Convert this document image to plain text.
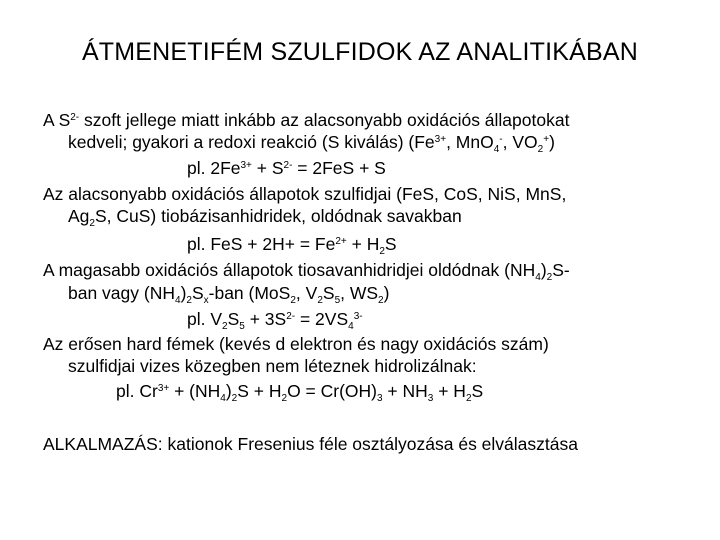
ÁTMENETIFÉM SZULFIDOK AZ ANALITIKÁBAN
A $S^{2-}$ szoft jellege miatt inkább az alacsonyabb oxidációs állapotokat
kedveli; gyakori a redoxi reakció (S kiválás) ($Fe^{3+}$, MnO$_4$-, $VO_2^+$)
pl. $2Fe^{3+} + S^{2-} = 2FeS + S$
Az alacsonyabb oxidációs állapotok szulfidjai (FeS, CoS, NiS, MnS,
$Ag_2S$, CuS) tiobázisanhidridek, oldódnak savakban
pl. FeS + $2H+ = Fe^{2+} + H_2S$
A magasabb oxidációs állapotok tiosavanhidridjei oldódnak $(NH_4)_2S-$
ban vagy $(NH_4)_2S_x$-ban (MoS$_2$, $V_2S_5$, $WS_2$)
pl. $V_2S_5 + 3S^{2-} = 2VS_4^{3-}$
Az erősen hard fémek (kevés d elektron és nagy oxidációs szám)
szulfidjai vizes közegben nem léteznek hidrolizálnak:
pl. $Cr^{3+} + (NH_4)_2S + H_2O = Cr(OH)_3 + NH_3 + H_2S$
ALKALMAZÁS: kationok Fresenius féle osztályozása és elválasztása
